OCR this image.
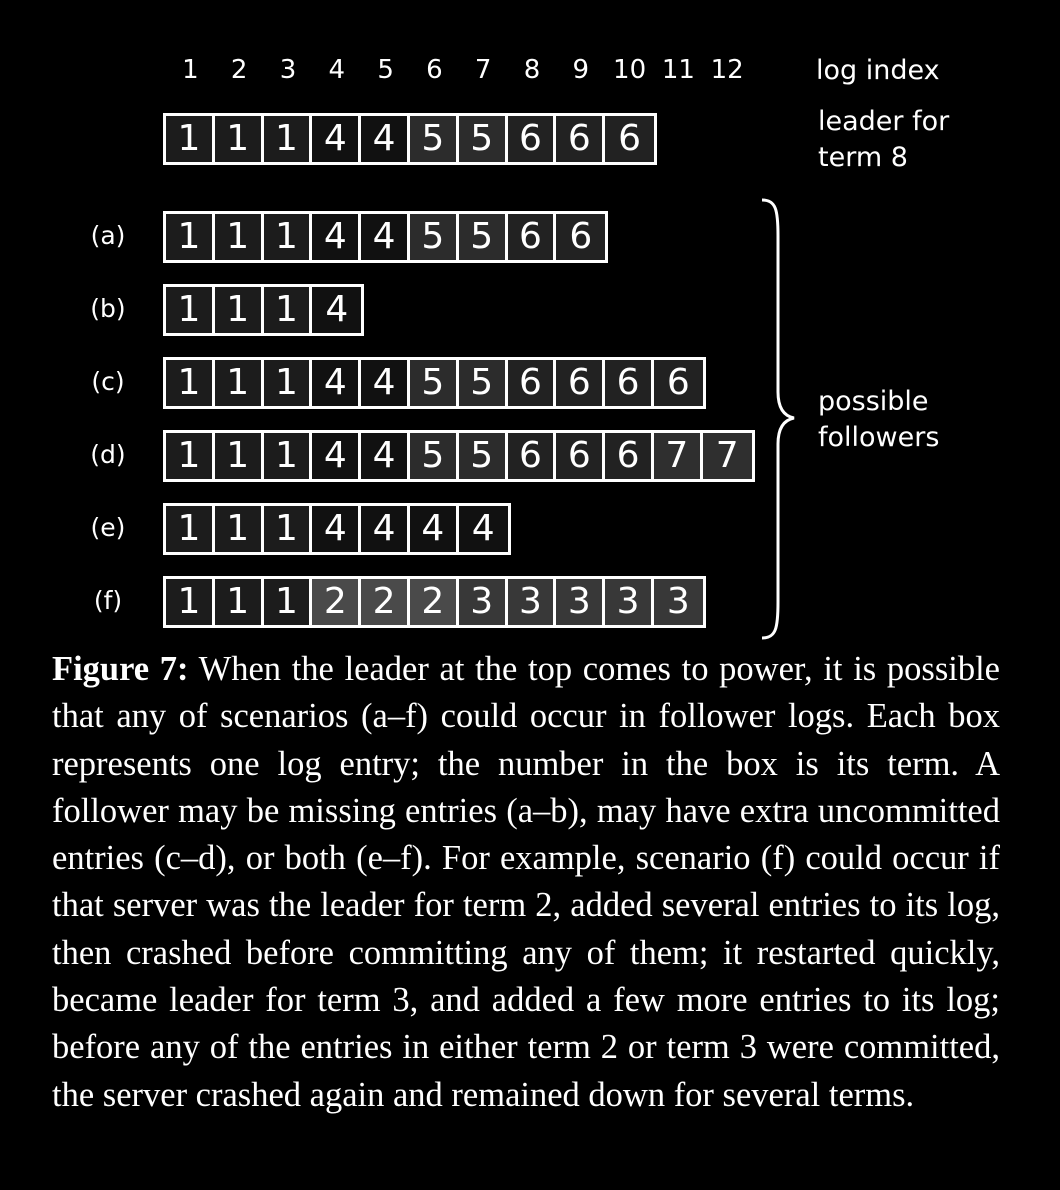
1	2	3	4	5	6	7	8	9 10 11 12	log index
leader for
term 8
1 1 1 4 4 5 5 6 6 6
(a)	1 1 1 4 4 5 5 6 6
(b)	1 1 1 4
(c)	1 1 1 4 4 5 5 6 6 6 6
(d)	1 1 1 4 4 5 5 6 6 6 7 7
(e)	1 1 1 4 4 4 4
(f)	1 1 1 2 2 2 3 3 3 3 3
possible
followers

Figure 7: When the leader at the top comes to power, it is possible that any of scenarios (a–f) could occur in follower logs. Each box represents one log entry; the number in the box is its term. A follower may be missing entries (a–b), may have extra uncommitted entries (c–d), or both (e–f). For example, scenario (f) could occur if that server was the leader for term 2, added several entries to its log, then crashed before committing any of them; it restarted quickly, became leader for term 3, and added a few more entries to its log; before any of the entries in either term 2 or term 3 were committed, the server crashed again and remained down for several terms.
